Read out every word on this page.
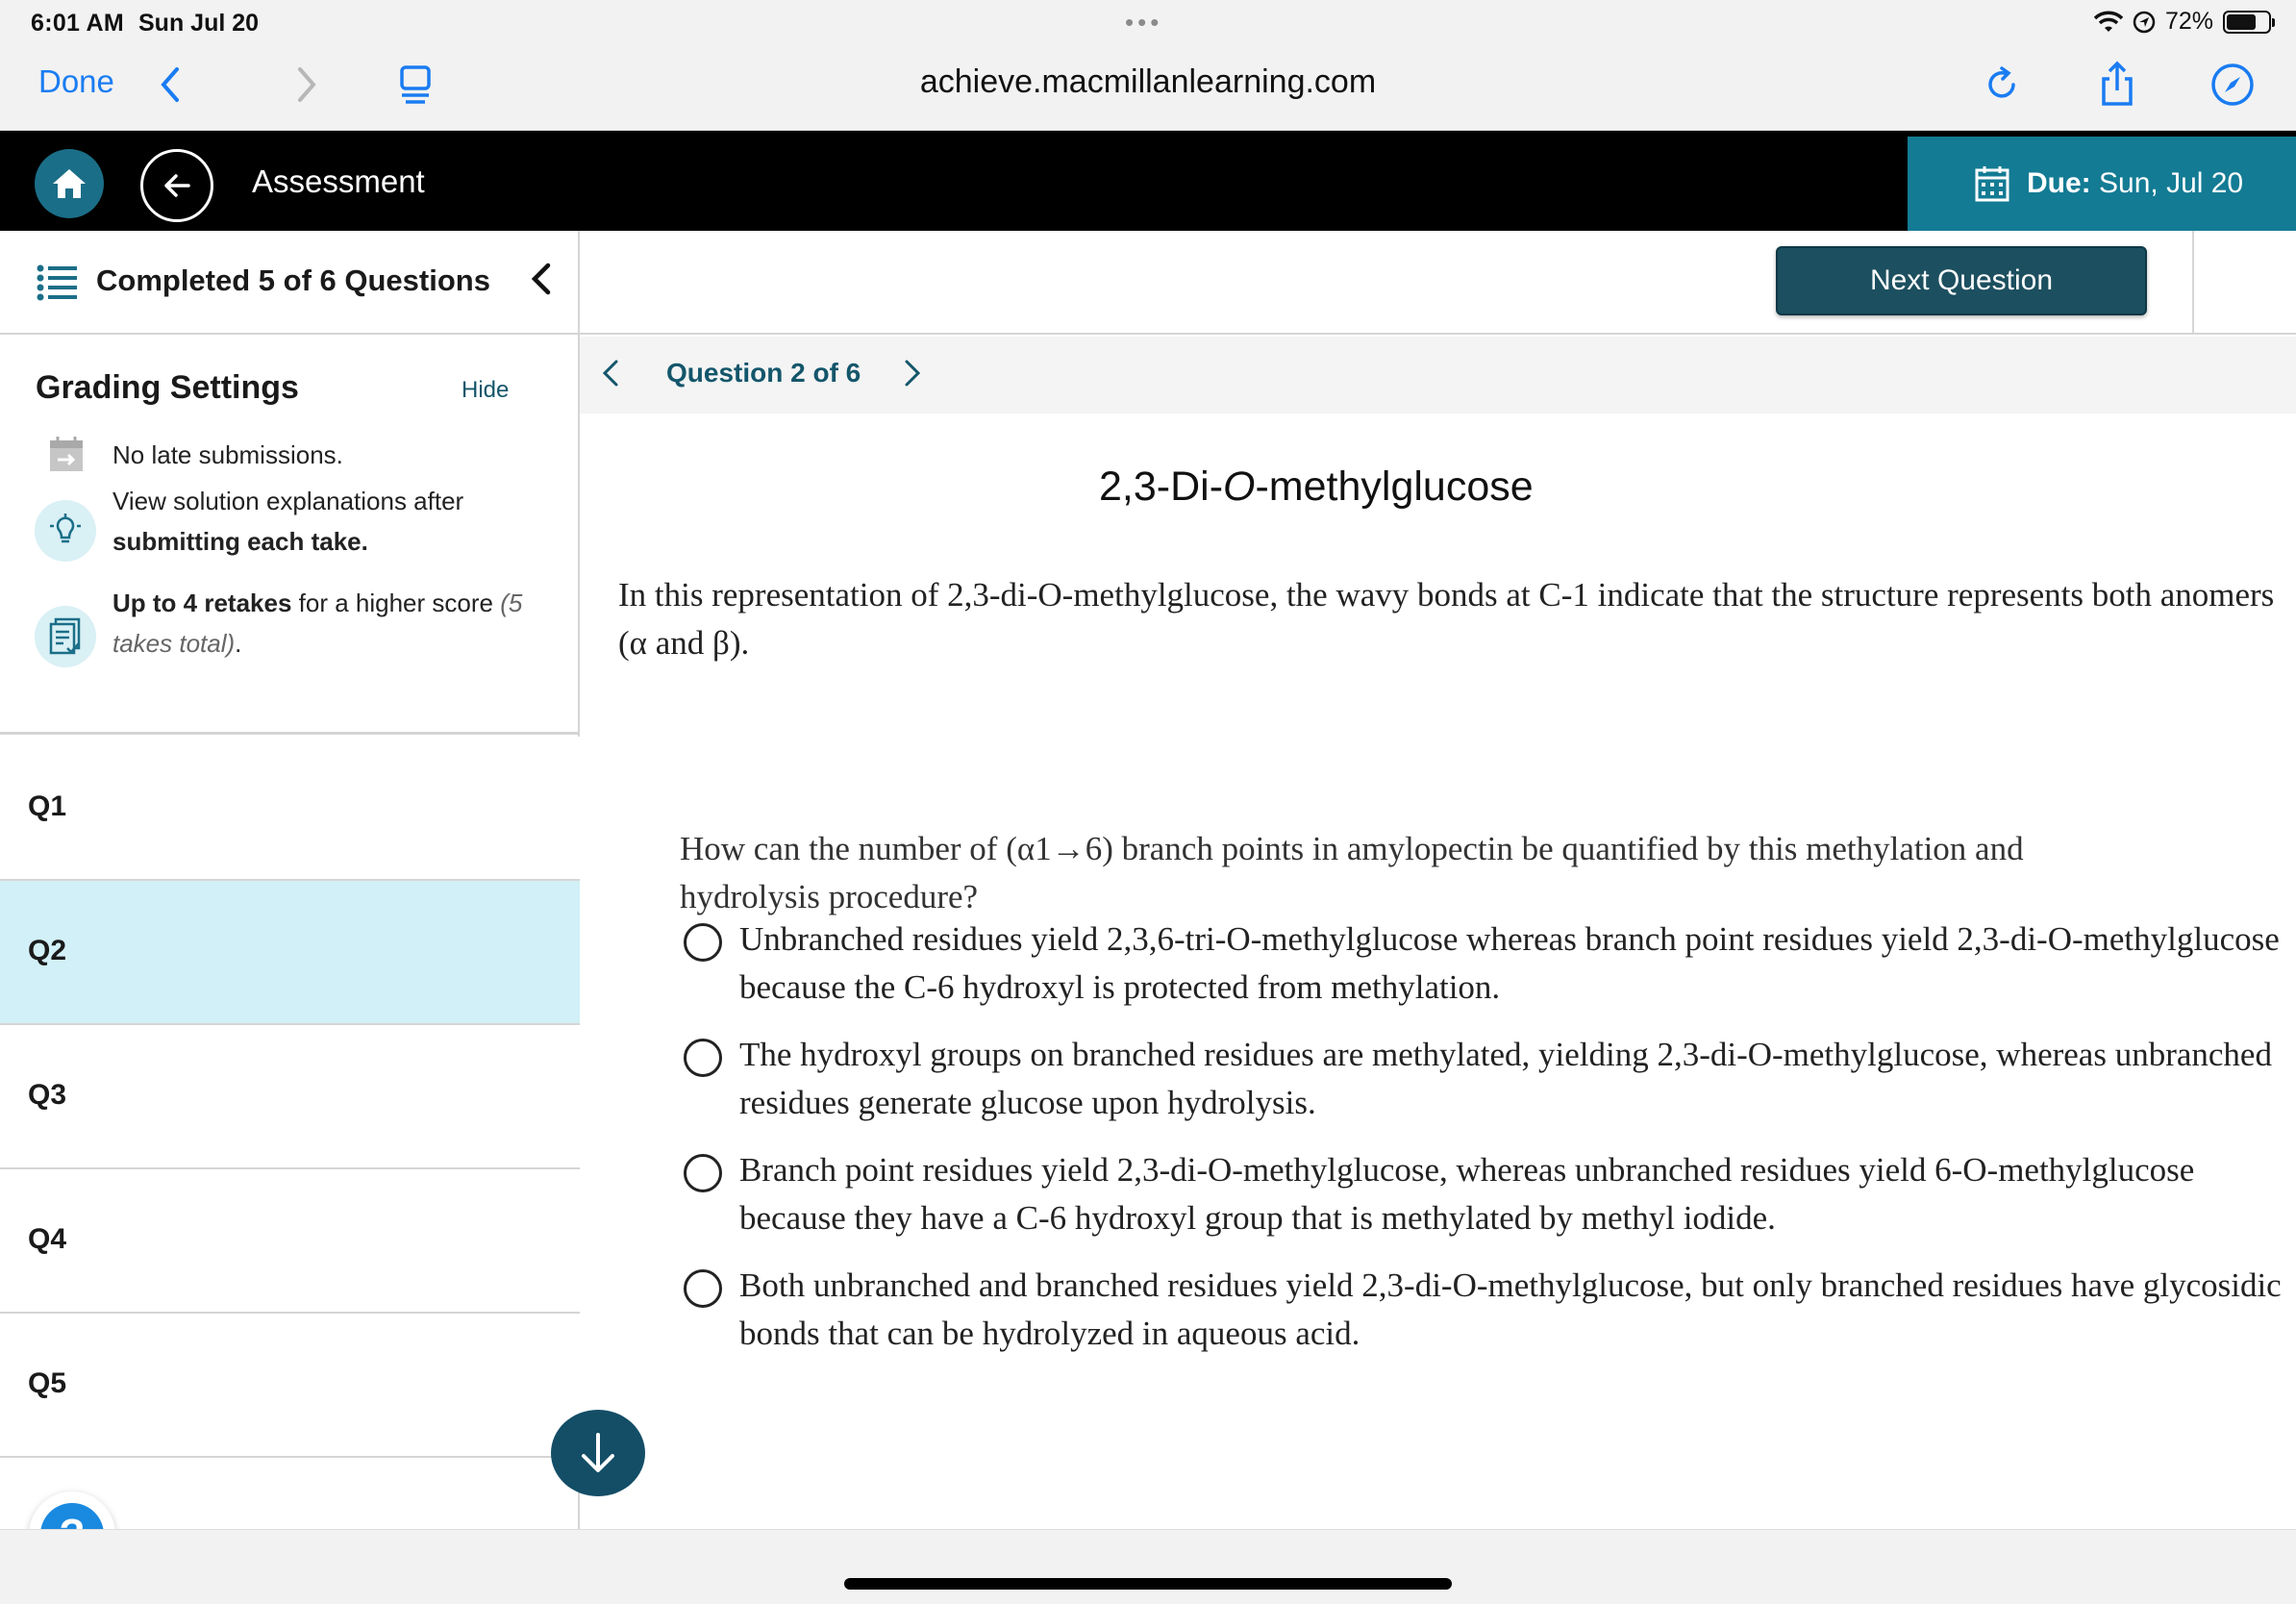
6:01 AM Sun Jul 20	•••	72%
Done	achieve.macmillanlearning.com
Assessment	Due: Sun, Jul 20
Completed 5 of 6 Questions
Grading Settings	Hide
No late submissions.
View solution explanations after
submitting each take.
Up to 4 retakes for a higher score (5
takes total).
Q1
Q2
Q3
Q4
Q5
Next Question
Question 2 of 6
2,3-Di-O-methylglucose
In this representation of 2,3-di-O-methylglucose, the wavy bonds at C-1 indicate that the structure represents both anomers
(α and β).
How can the number of (α1→6) branch points in amylopectin be quantified by this methylation and
hydrolysis procedure?
Unbranched residues yield 2,3,6-tri-O-methylglucose whereas branch point residues yield 2,3-di-O-methylglucose
because the C-6 hydroxyl is protected from methylation.
The hydroxyl groups on branched residues are methylated, yielding 2,3-di-O-methylglucose, whereas unbranched
residues generate glucose upon hydrolysis.
Branch point residues yield 2,3-di-O-methylglucose, whereas unbranched residues yield 6-O-methylglucose
because they have a C-6 hydroxyl group that is methylated by methyl iodide.
Both unbranched and branched residues yield 2,3-di-O-methylglucose, but only branched residues have glycosidic
bonds that can be hydrolyzed in aqueous acid.
